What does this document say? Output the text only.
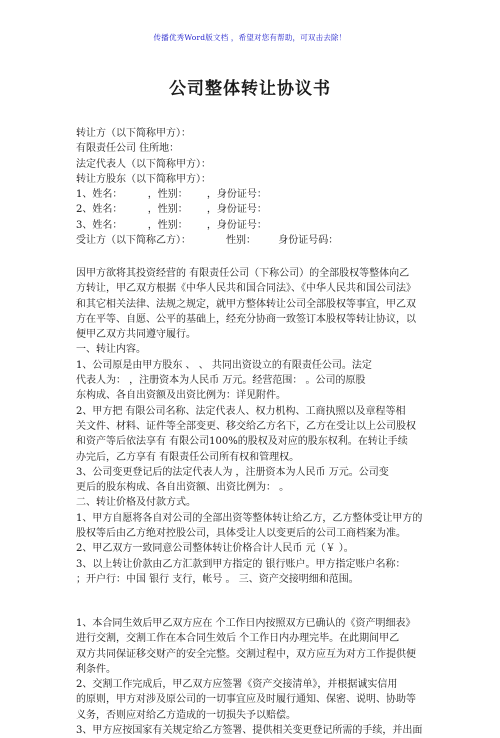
传播优秀Word版文档 ，希望对您有帮助，可双击去除！
公司整体转让协议书

转让方（以下简称甲方）：

有限责任公司 住所地：

法定代表人（以下简称甲方）：

转让方股东（以下简称甲方）：

1、姓名：        ，性别：      ，身份证号：

2、姓名：        ，性别：      ，身份证号：

3、姓名：        ，性别：      ，身份证号：

受让方（以下简称乙方）：           性别：       身份证号码：

因甲方欲将其投资经营的 有限责任公司（下称公司）的全部股权等整体向乙

方转让，甲乙双方根据《中华人民共和国合同法》、《中华人民共和国公司法》

和其它相关法律、法规之规定，就甲方整体转让公司全部股权等事宜，甲乙双

方在平等、自愿、公平的基础上，经充分协商一致签订本股权等转让协议，以

便甲乙双方共同遵守履行。

一、转让内容。

1、公司原是由甲方股东 、 、 共同出资设立的有限责任公司。法定

代表人为： ，注册资本为人民币 万元。经营范围： 。公司的原股

东构成、各自出资额及出资比例为：详见附件。

2、甲方把 有限公司名称、法定代表人、权力机构、工商执照以及章程等相

关文件、材料、证件等全部变更、移交给乙方名下，乙方在受让以上公司股权

和资产等后依法享有 有限公司100%的股权及对应的股东权利。在转让手续

办完后，乙方享有 有限责任公司所有权和管理权。

3、公司变更登记后的法定代表人为 ，注册资本为人民币 万元。公司变

更后的股东构成、各自出资额、出资比例为： 。

二、转让价格及付款方式。

1、甲方自愿将各自对公司的全部出资等整体转让给乙方，乙方整体受让甲方的

股权等后由乙方绝对控股公司，具体受让人以变更后的公司工商档案为准。

2、甲乙双方一致同意公司整体转让价格合计人民币 元（￥ ）。

3、以上转让价款由乙方汇款到甲方指定的 银行账户。甲方指定账户名称：

；开户行：中国 银行 支行，帐号 。 三、资产交接明细和范围。

1、本合同生效后甲乙双方应在 个工作日内按照双方已确认的《资产明细表》

进行交割，交割工作在本合同生效后 个工作日内办理完毕。在此期间甲乙

双方共同保证移交财产的安全完整。交割过程中，双方应互为对方工作提供便

利条件。

2、交割工作完成后，甲乙双方应签署《资产交接清单》，并根据诚实信用

的原则，甲方对涉及原公司的一切事宜应及时履行通知、保密、说明、协助等

义务，否则应对给乙方造成的一切损失予以赔偿。

3、甲方应按国家有关规定给乙方签署、提供相关变更登记所需的手续，并出面
